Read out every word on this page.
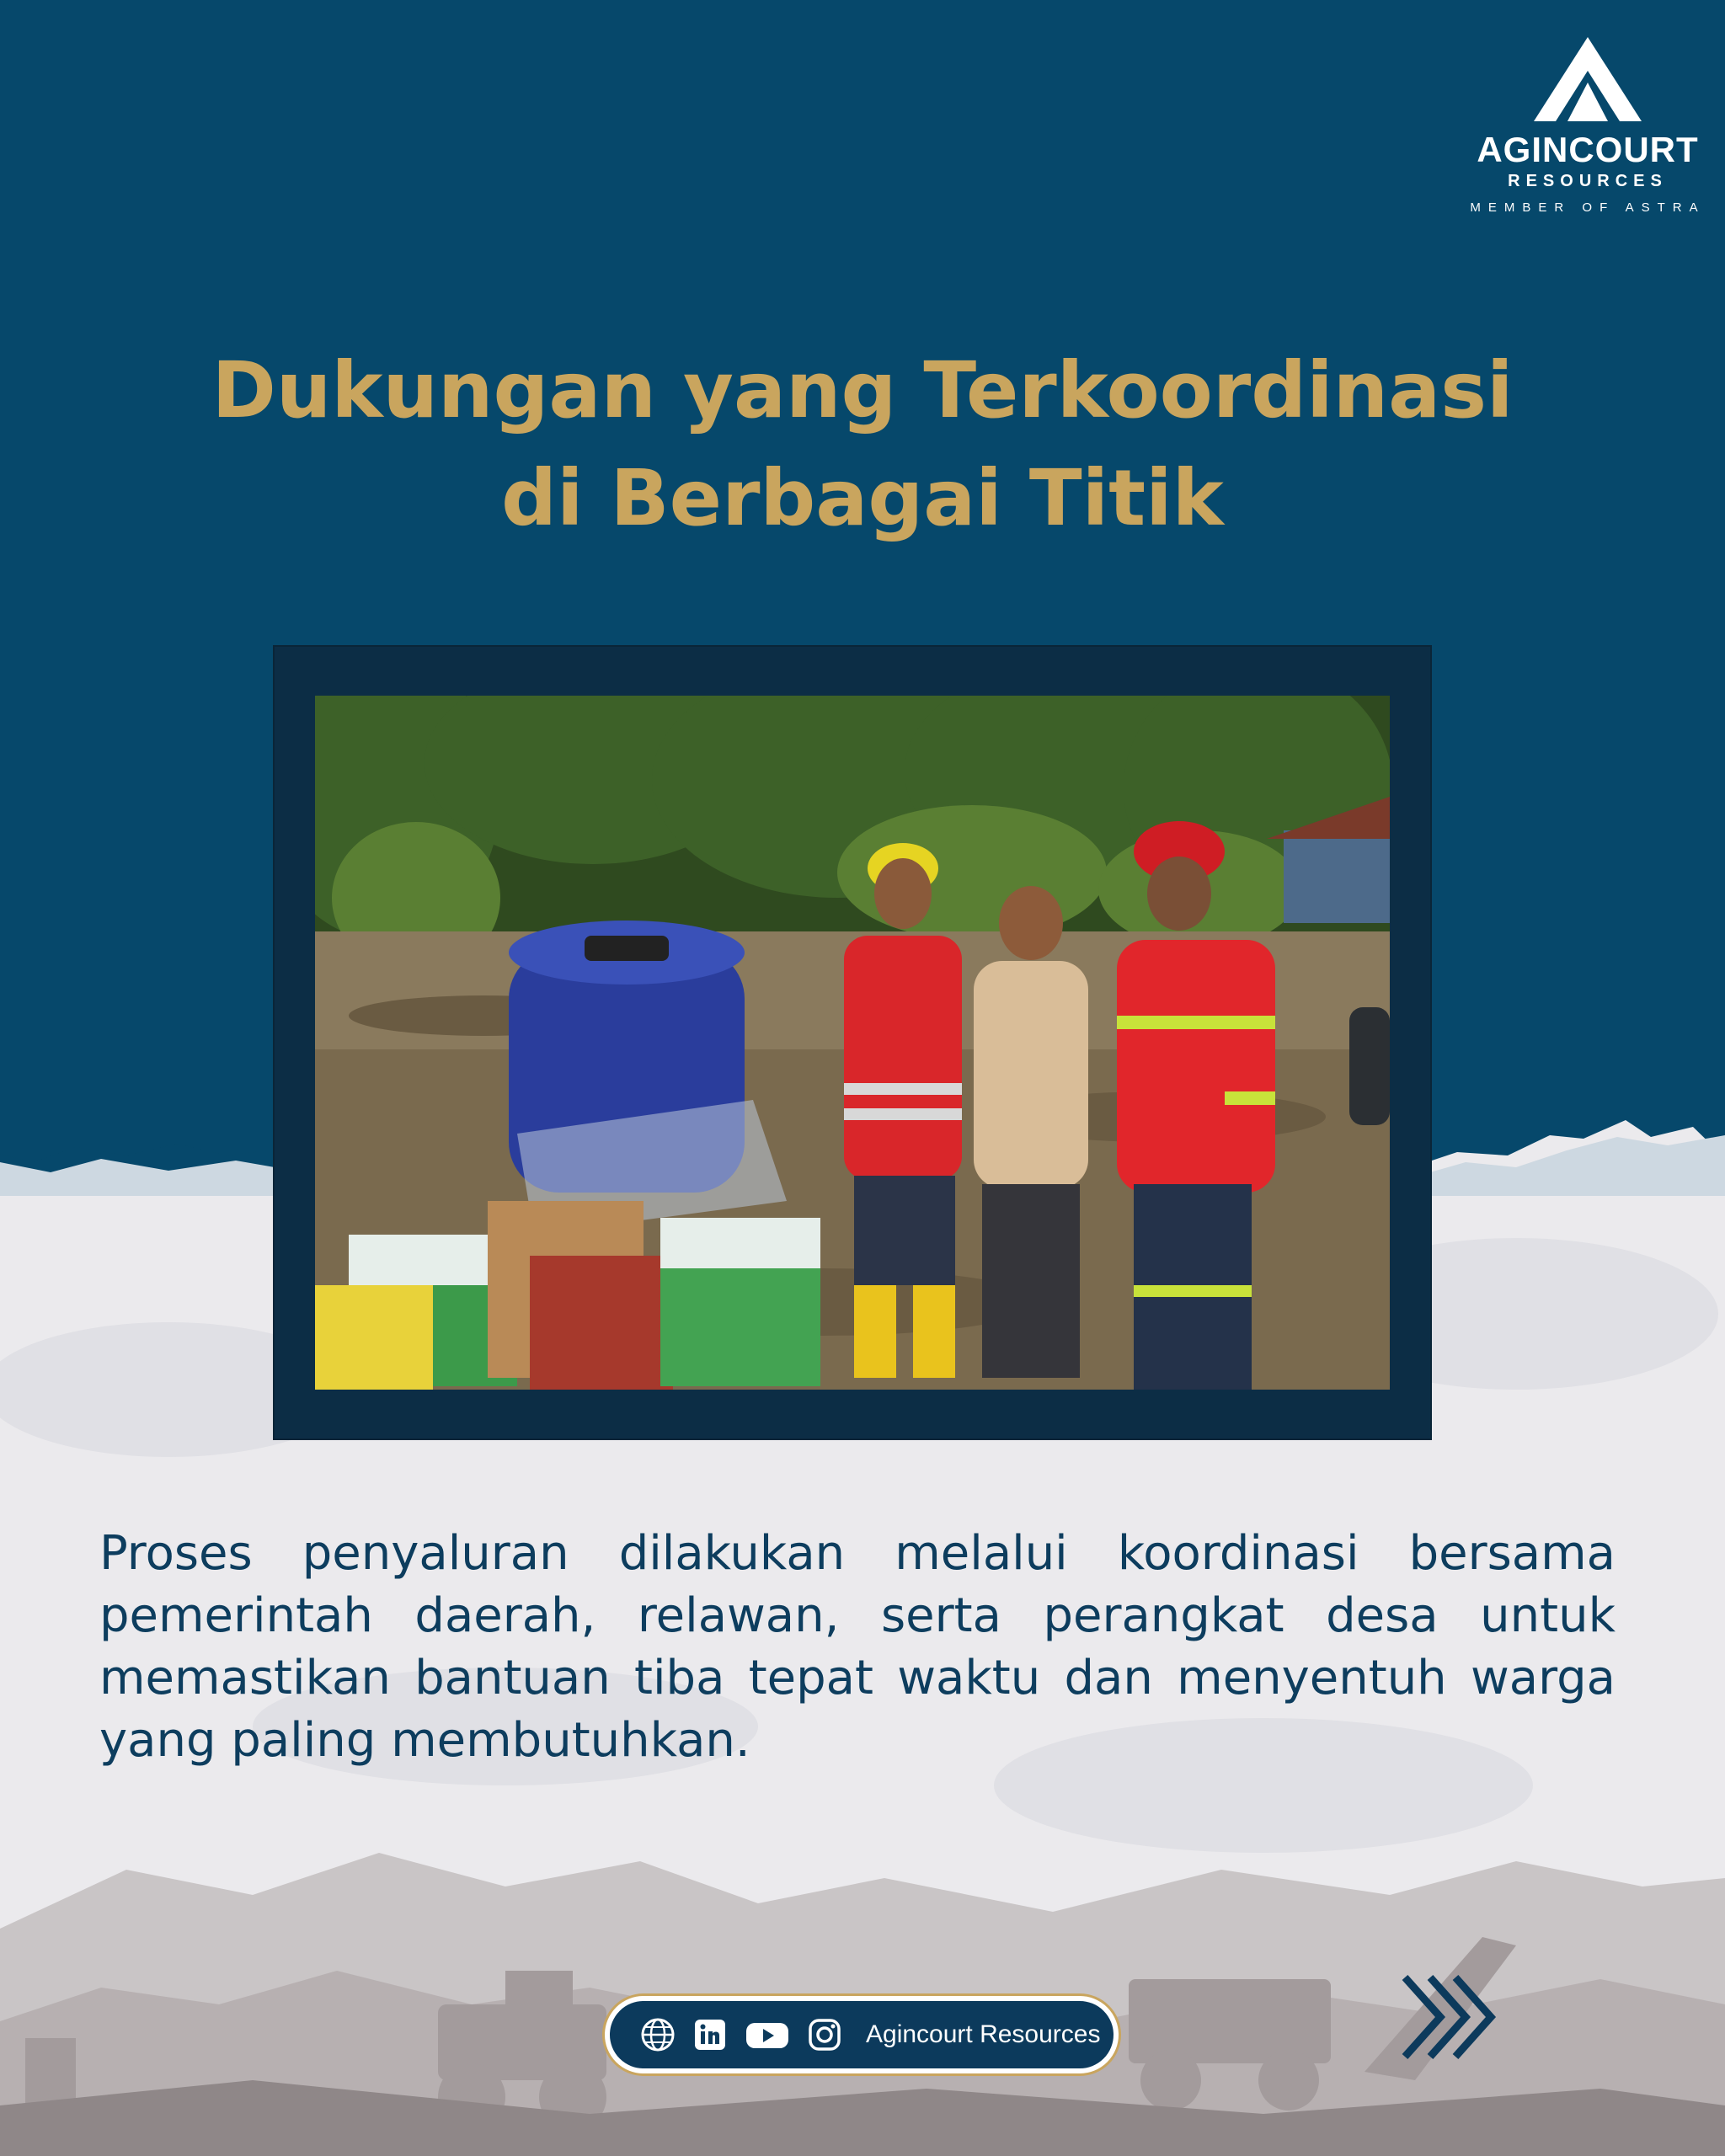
AGINCOURT
RESOURCES
MEMBER OF ASTRA
Dukungan yang Terkoordinasi
di Berbagai Titik

Proses penyaluran dilakukan melalui koordinasi bersama pemerintah daerah, relawan, serta perangkat desa untuk memastikan bantuan tiba tepat waktu dan menyentuh warga yang paling membutuhkan.

Agincourt Resources
